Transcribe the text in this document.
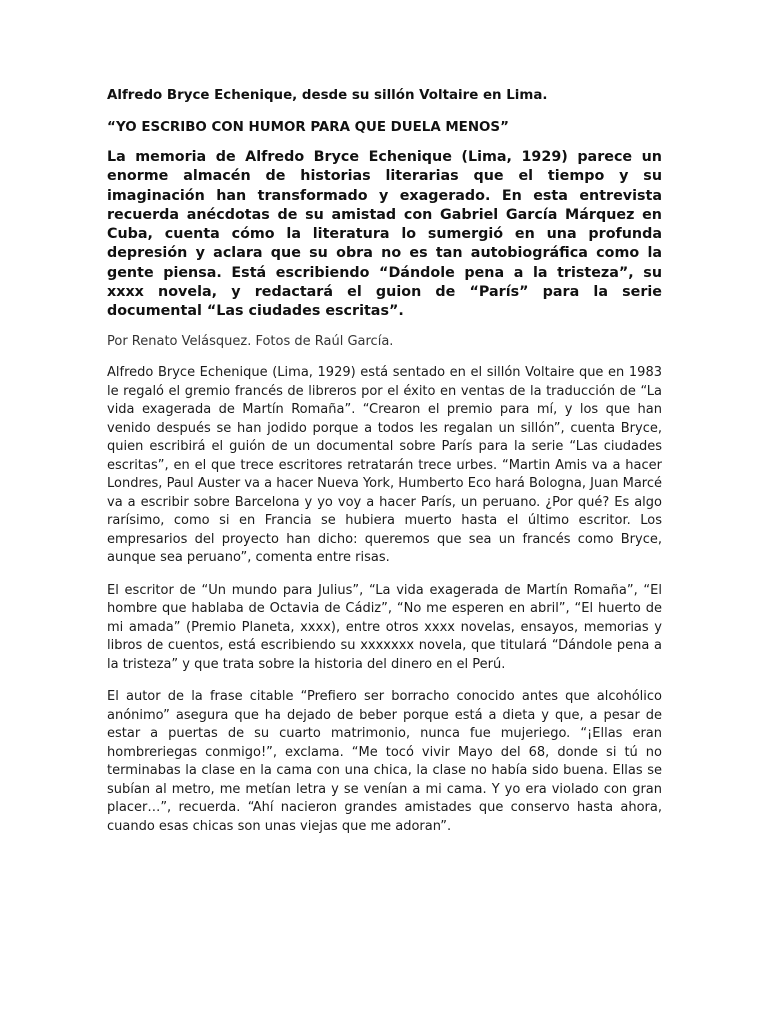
Alfredo Bryce Echenique, desde su sillón Voltaire en Lima.

“YO ESCRIBO CON HUMOR PARA QUE DUELA MENOS”

La memoria de Alfredo Bryce Echenique (Lima, 1929) parece un enorme almacén de historias literarias que el tiempo y su imaginación han transformado y exagerado. En esta entrevista recuerda anécdotas de su amistad con Gabriel García Márquez en Cuba, cuenta cómo la literatura lo sumergió en una profunda depresión y aclara que su obra no es tan autobiográfica como la gente piensa. Está escribiendo “Dándole pena a la tristeza”, su xxxx novela, y redactará el guion de “París” para la serie documental “Las ciudades escritas”.

Por Renato Velásquez. Fotos de Raúl García.

Alfredo Bryce Echenique (Lima, 1929) está sentado en el sillón Voltaire que en 1983 le regaló el gremio francés de libreros por el éxito en ventas de la traducción de “La vida exagerada de Martín Romaña”. “Crearon el premio para mí, y los que han venido después se han jodido porque a todos les regalan un sillón”, cuenta Bryce, quien escribirá el guión de un documental sobre París para la serie “Las ciudades escritas”, en el que trece escritores retratarán trece urbes. “Martin Amis va a hacer Londres, Paul Auster va a hacer Nueva York, Humberto Eco hará Bologna, Juan Marcé va a escribir sobre Barcelona y yo voy a hacer París, un peruano. ¿Por qué? Es algo rarísimo, como si en Francia se hubiera muerto hasta el último escritor. Los empresarios del proyecto han dicho: queremos que sea un francés como Bryce, aunque sea peruano”, comenta entre risas.

El escritor de “Un mundo para Julius”, “La vida exagerada de Martín Romaña”, “El hombre que hablaba de Octavia de Cádiz”, “No me esperen en abril”, “El huerto de mi amada” (Premio Planeta, xxxx), entre otros xxxx novelas, ensayos, memorias y libros de cuentos, está escribiendo su xxxxxxx novela, que titulará “Dándole pena a la tristeza” y que trata sobre la historia del dinero en el Perú.

El autor de la frase citable “Prefiero ser borracho conocido antes que alcohólico anónimo” asegura que ha dejado de beber porque está a dieta y que, a pesar de estar a puertas de su cuarto matrimonio, nunca fue mujeriego. “¡Ellas eran hombreriegas conmigo!”, exclama. “Me tocó vivir Mayo del 68, donde si tú no terminabas la clase en la cama con una chica, la clase no había sido buena. Ellas se subían al metro, me metían letra y se venían a mi cama. Y yo era violado con gran placer…”, recuerda. “Ahí nacieron grandes amistades que conservo hasta ahora, cuando esas chicas son unas viejas que me adoran”.
